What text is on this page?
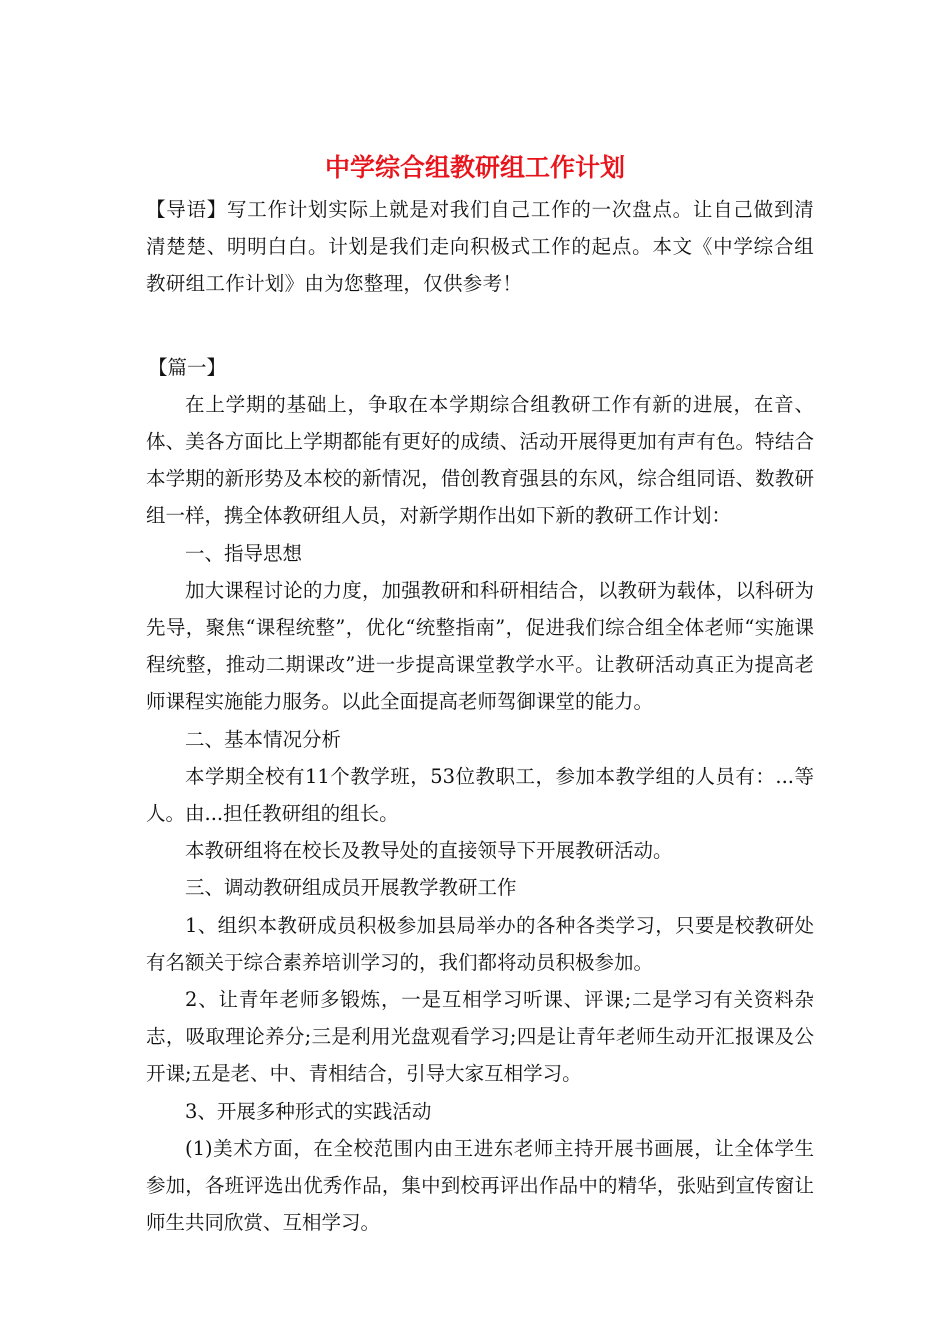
中学综合组教研组工作计划

【导语】写工作计划实际上就是对我们自己工作的一次盘点。让自己做到清清楚楚、明明白白。计划是我们走向积极式工作的起点。本文《中学综合组教研组工作计划》由为您整理，仅供参考！

【篇一】

在上学期的基础上，争取在本学期综合组教研工作有新的进展，在音、体、美各方面比上学期都能有更好的成绩、活动开展得更加有声有色。特结合本学期的新形势及本校的新情况，借创教育强县的东风，综合组同语、数教研组一样，携全体教研组人员，对新学期作出如下新的教研工作计划：

一、指导思想

加大课程讨论的力度，加强教研和科研相结合，以教研为载体，以科研为先导，聚焦“课程统整”，优化“统整指南”，促进我们综合组全体老师“实施课程统整，推动二期课改”进一步提高课堂教学水平。让教研活动真正为提高老师课程实施能力服务。以此全面提高老师驾御课堂的能力。

二、基本情况分析

本学期全校有11个教学班，53位教职工，参加本教学组的人员有：...等人。由...担任教研组的组长。

本教研组将在校长及教导处的直接领导下开展教研活动。

三、调动教研组成员开展教学教研工作

1、组织本教研成员积极参加县局举办的各种各类学习，只要是校教研处有名额关于综合素养培训学习的，我们都将动员积极参加。

2、让青年老师多锻炼，一是互相学习听课、评课;二是学习有关资料杂志，吸取理论养分;三是利用光盘观看学习;四是让青年老师生动开汇报课及公开课;五是老、中、青相结合，引导大家互相学习。

3、开展多种形式的实践活动

(1)美术方面，在全校范围内由王进东老师主持开展书画展，让全体学生参加，各班评选出优秀作品，集中到校再评出作品中的精华，张贴到宣传窗让师生共同欣赏、互相学习。
